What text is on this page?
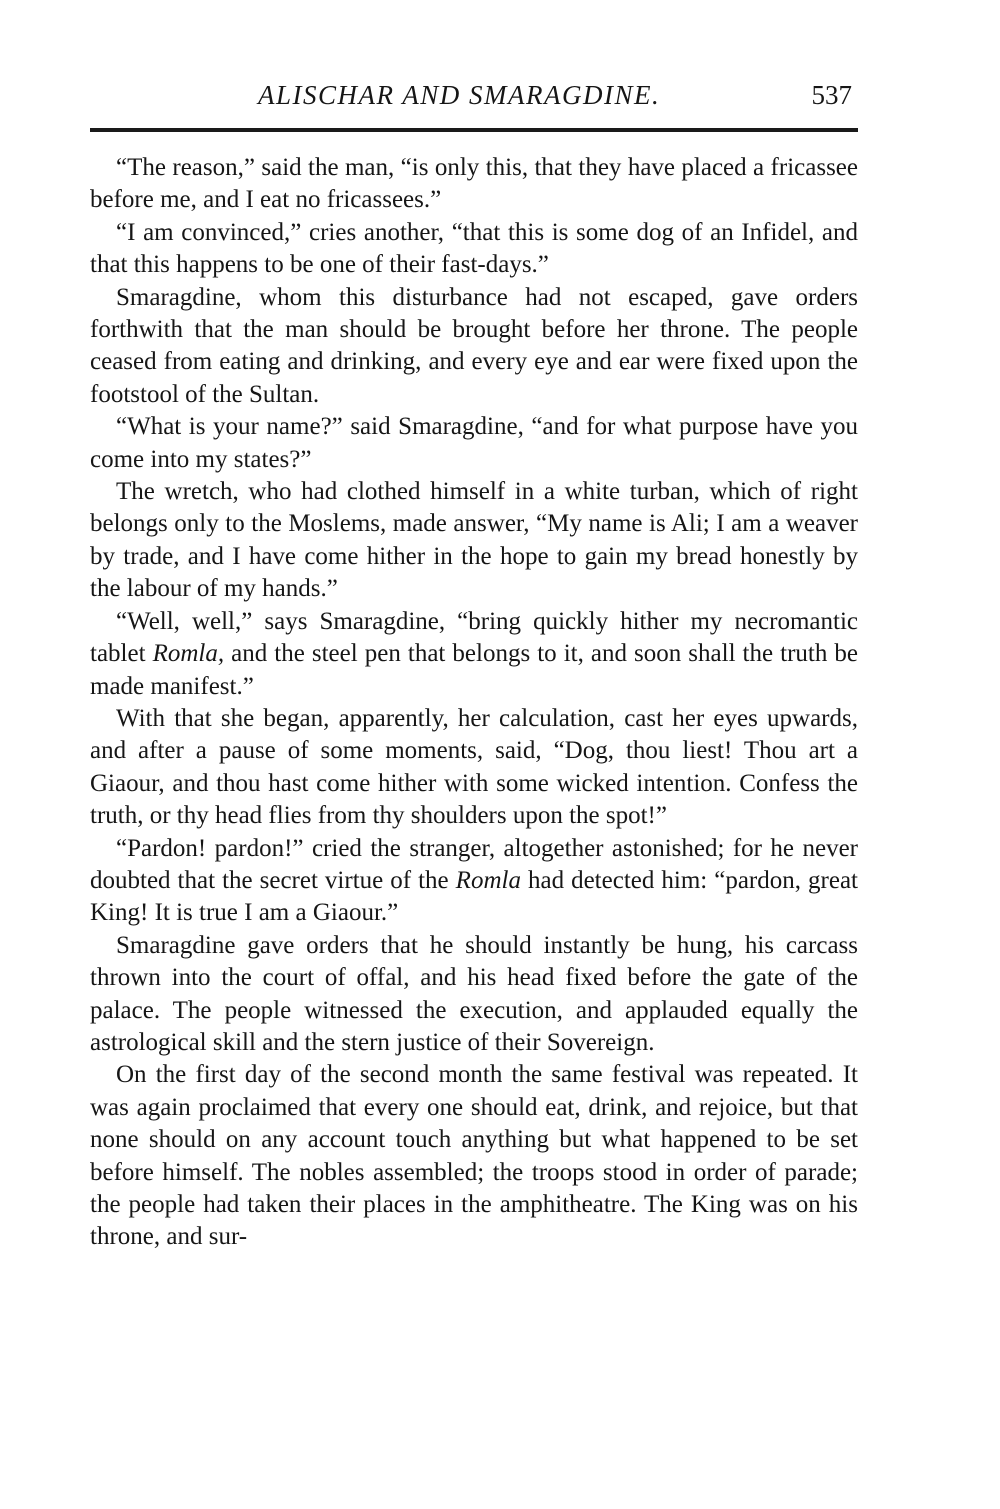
ALISCHAR AND SMARAGDINE.	537

“The reason,” said the man, “is only this, that they have placed a fricassee before me, and I eat no fricassees.”

“I am convinced,” cries another, “that this is some dog of an Infidel, and that this happens to be one of their fast-days.”

Smaragdine, whom this disturbance had not escaped, gave orders forthwith that the man should be brought before her throne. The people ceased from eating and drinking, and every eye and ear were fixed upon the footstool of the Sultan.

“What is your name?” said Smaragdine, “and for what purpose have you come into my states?”

The wretch, who had clothed himself in a white turban, which of right belongs only to the Moslems, made answer, “My name is Ali; I am a weaver by trade, and I have come hither in the hope to gain my bread honestly by the labour of my hands.”

“Well, well,” says Smaragdine, “bring quickly hither my necromantic tablet Romla, and the steel pen that belongs to it, and soon shall the truth be made manifest.”

With that she began, apparently, her calculation, cast her eyes upwards, and after a pause of some moments, said, “Dog, thou liest! Thou art a Giaour, and thou hast come hither with some wicked intention. Confess the truth, or thy head flies from thy shoulders upon the spot!”

“Pardon! pardon!” cried the stranger, altogether astonished; for he never doubted that the secret virtue of the Romla had detected him: “pardon, great King! It is true I am a Giaour.”

Smaragdine gave orders that he should instantly be hung, his carcass thrown into the court of offal, and his head fixed before the gate of the palace. The people witnessed the execution, and applauded equally the astrological skill and the stern justice of their Sovereign.

On the first day of the second month the same festival was repeated. It was again proclaimed that every one should eat, drink, and rejoice, but that none should on any account touch anything but what happened to be set before himself. The nobles assembled; the troops stood in order of parade; the people had taken their places in the amphitheatre. The King was on his throne, and sur-
